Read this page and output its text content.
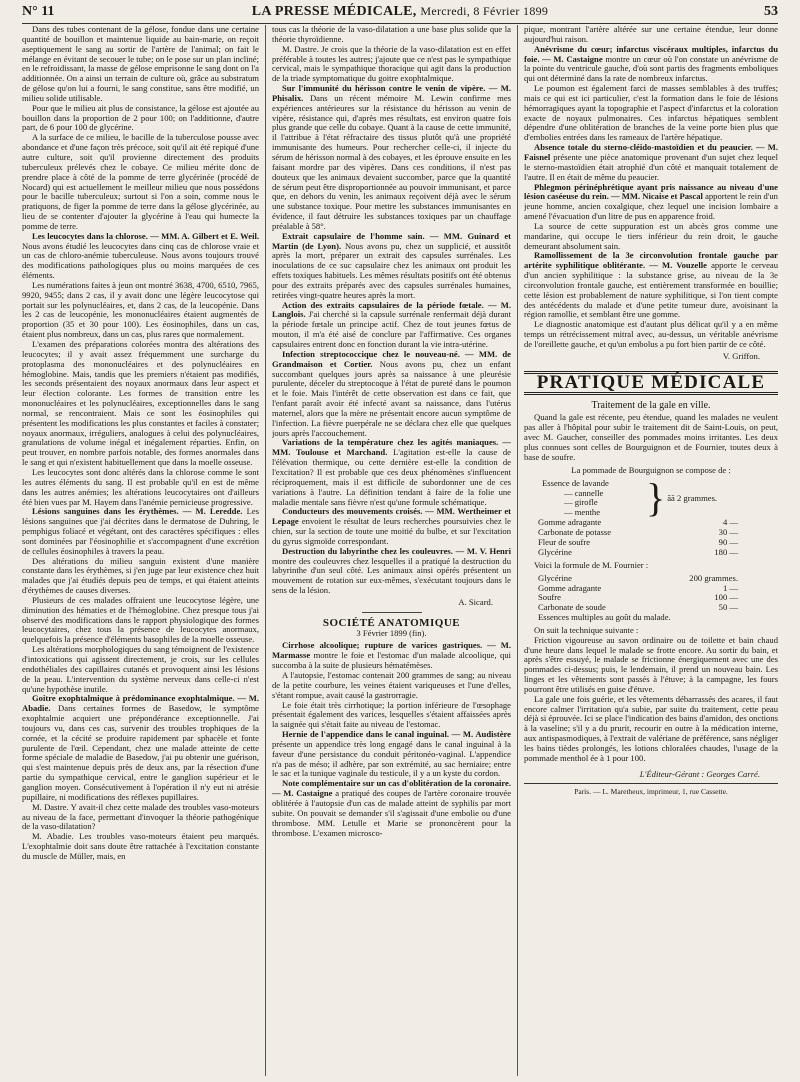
N° 11	LA PRESSE MÉDICALE, Mercredi, 8 Février 1899	53

Dans des tubes contenant de la gélose, fondue dans une certaine quantité de bouillon et maintenue liquide au bain-marie, on reçoit aseptiquement le sang au sortir de l'artère de l'animal; on fait le mélange en évitant de secouer le tube; on le pose sur un plan incliné; en le refroidissant, la masse de gélose emprisonne le sang dont on l'a additionnée. On a ainsi un terrain de culture où, grâce au substratum de gélose qu'on lui a fourni, le sang constitue, sans être modifié, un milieu solide utilisable.

Pour que le milieu ait plus de consistance, la gélose est ajoutée au bouillon dans la proportion de 2 pour 100; on l'additionne, d'autre part, de 6 pour 100 de glycérine.

A la surface de ce milieu, le bacille de la tuberculose pousse avec abondance et d'une façon très précoce, soit qu'il ait été repiqué d'une autre culture, soit qu'il provienne directement des produits tuberculeux prélevés chez le cobaye. Ce milieu mérite donc de prendre place à côté de la pomme de terre glycérinée (procédé de Nocard) qui est actuellement le meilleur milieu que nous possédons pour le bacille tuberculeux; surtout si l'on a soin, comme nous le pratiquons, de figer la pomme de terre dans la gélose glycérinée, au lieu de se contenter d'ajouter la glycérine à l'eau qui humecte la pomme de terre.

Les leucocytes dans la chlorose. — MM. A. Gilbert et E. Weil. Nous avons étudié les leucocytes dans cinq cas de chlorose vraie et un cas de chloro-anémie tuberculeuse. Nous avons toujours trouvé des modifications pathologiques plus ou moins marquées de ces éléments.

Les numérations faites à jeun ont montré 3638, 4700, 6510, 7965, 9920, 9455; dans 2 cas, il y avait donc une légère leucocytose qui portait sur les polynucléaires, et, dans 2 cas, de la leucopénie. Dans les 2 cas de leucopénie, les mononucléaires étaient augmentés de proportion (35 et 30 pour 100). Les éosinophiles, dans un cas, étaient plus nombreux, dans un cas, plus rares que normalement.

L'examen des préparations colorées montra des altérations des leucocytes; il y avait assez fréquemment une surcharge du protoplasma des mononucléaires et des polynucléaires en hémoglobine. Mais, tandis que les premiers n'étaient pas modifiés, les seconds présentaient des noyaux anormaux dans leur aspect et leur élection colorante. Les formes de transition entre les mononucléaires et les polynucléaires, exceptionnelles dans le sang normal, se rencontraient. Mais ce sont les éosinophiles qui présentent les modifications les plus constantes et faciles à constater; noyaux anormaux, irréguliers, analogues à celui des polynucléaires, granulations de volume inégal et inégalement réparties. Enfin, on peut trouver, en nombre parfois notable, des formes anormales dans le sang et qui n'existent habituellement que dans la moelle osseuse.

Les leucocytes sont donc altérés dans la chlorose comme le sont les autres éléments du sang. Il est probable qu'il en est de même dans les autres anémies; les altérations leucocytaires ont d'ailleurs été bien vues par M. Hayem dans l'anémie pernicieuse progressive.

Lésions sanguines dans les érythèmes. — M. Leredde. Les lésions sanguines que j'ai décrites dans le dermatose de Duhring, le pemphigus foliacé et végétant, ont des caractères spécifiques : elles sont dominées par l'éosinophilie et s'accompagnent d'une excrétion de cellules éosinophiles à travers la peau.

Des altérations du milieu sanguin existent d'une manière constante dans les érythèmes, si j'en juge par leur existence chez huit malades que j'ai étudiés depuis peu de temps, et qui étaient atteints d'érythèmes de causes diverses.

Plusieurs de ces malades offraient une leucocytose légère, une diminution des hématies et de l'hémoglobine. Chez presque tous j'ai observé des modifications dans le rapport physiologique des formes leucocytaires, chez tous la présence de leucocytes anormaux, quelquefois la présence d'éléments basophiles de la moelle osseuse.

Les altérations morphologiques du sang témoignent de l'existence d'intoxications qui agissent directement, je crois, sur les cellules endothéliales des capillaires cutanés et provoquent ainsi les lésions de la peau. L'intervention du système nerveux dans celle-ci n'est qu'une hypothèse inutile.

Goitre exophtalmique à prédominance exophtalmique. — M. Abadie. Dans certaines formes de Basedow, le symptôme exophtalmie acquiert une prépondérance exceptionnelle. J'ai toujours vu, dans ces cas, survenir des troubles trophiques de la cornée, et la cécité se produire rapidement par sphacèle et fonte purulente de l'œil. Cependant, chez une malade atteinte de cette forme spéciale de maladie de Basedow, j'ai pu obtenir une guérison, qui s'est maintenue depuis près de deux ans, par la résection d'une partie du sympathique cervical, entre le ganglion supérieur et le ganglion moyen. Consécutivement à l'opération il n'y eut ni atrésie pupillaire, ni modifications des réflexes pupillaires.

M. Dastre. Y avait-il chez cette malade des troubles vaso-moteurs au niveau de la face, permettant d'invoquer la théorie pathogénique de la vaso-dilatation?

M. Abadie. Les troubles vaso-moteurs étaient peu marqués. L'exophtalmie doit sans doute être rattachée à l'excitation constante du muscle de Müller, mais, en

tous cas la théorie de la vaso-dilatation a une base plus solide que la théorie thyroïdienne.

M. Dastre. Je crois que la théorie de la vaso-dilatation est en effet préférable à toutes les autres; j'ajoute que ce n'est pas le sympathique cervical, mais le sympathique thoracique qui agit dans la production de la triade symptomatique du goitre exophtalmique.

Sur l'immunité du hérisson contre le venin de vipère. — M. Phisalix. Dans un récent mémoire M. Lewin confirme mes expériences antérieures sur la résistance du hérisson au venin de vipère, résistance qui, d'après mes résultats, est environ quatre fois plus grande que celle du cobaye. Quant à la cause de cette immunité, il l'attribue à l'état réfractaire des tissus plutôt qu'à une propriété immunisante des humeurs. Pour rechercher celle-ci, il injecte du sérum de hérisson normal à des cobayes, et les éprouve ensuite en les faisant mordre par des vipères. Dans ces conditions, il n'est pas douteux que les animaux devaient succomber, parce que la quantité de sérum peut être disproportionnée au pouvoir immunisant, et parce que, en dehors du venin, les animaux reçoivent déjà avec le sérum une substance toxique. Pour mettre les substances immunisantes en évidence, il faut détruire les substances toxiques par un chauffage préalable à 58°.

Extrait capsulaire de l'homme sain. — MM. Guinard et Martin (de Lyon). Nous avons pu, chez un supplicié, et aussitôt après la mort, préparer un extrait des capsules surrénales. Les inoculations de ce suc capsulaire chez les animaux ont produit les effets toxiques habituels. Les mêmes résultats positifs ont été obtenus pour des extraits préparés avec des capsules surrénales humaines, retirées vingt-quatre heures après la mort.

Action des extraits capsulaires de la période fœtale. — M. Langlois. J'ai cherché si la capsule surrénale renfermait déjà durant la période fœtale un principe actif. Chez de tout jeunes fœtus de mouton, il m'a été aisé de conclure par l'affirmative. Ces organes capsulaires entrent donc en fonction durant la vie intra-utérine.

Infection streptococcique chez le nouveau-né. — MM. de Grandmaison et Cortier. Nous avons pu, chez un enfant succombant quelques jours après sa naissance à une pleurésie purulente, déceler du streptocoque à l'état de pureté dans le poumon et le foie. Mais l'intérêt de cette observation est dans ce fait, que l'enfant paraît avoir été infecté avant sa naissance, dans l'utérus maternel, alors que la mère ne présentait encore aucun symptôme de l'infection. La fièvre puerpérale ne se déclara chez elle que quelques jours après l'accouchement.

Variations de la température chez les agités maniaques. — MM. Toulouse et Marchand. L'agitation est-elle la cause de l'élévation thermique, ou cette dernière est-elle la condition de l'excitation? Il est probable que ces deux phénomènes s'influencent réciproquement, mais il est difficile de subordonner une de ces variations à l'autre. La définition tendant à faire de la folie une maladie mentale sans fièvre n'est qu'une formule schématique.

Conducteurs des mouvements croisés. — MM. Wertheimer et Lepage envoient le résultat de leurs recherches poursuivies chez le chien, sur la section de toute une moitié du bulbe, et sur l'excitation du gyrus sigmoïde correspondant.

Destruction du labyrinthe chez les couleuvres. — M. V. Henri montre des couleuvres chez lesquelles il a pratiqué la destruction du labyrinthe d'un seul côté. Les animaux ainsi opérés présentent un mouvement de rotation sur eux-mêmes, s'exécutant toujours dans le sens de la lésion.

A. Sicard.
SOCIÉTÉ ANATOMIQUE
3 Février 1899 (fin).

Cirrhose alcoolique; rupture de varices gastriques. — M. Marmasse montre le foie et l'estomac d'un malade alcoolique, qui succomba à la suite de plusieurs hématémèses.

A l'autopsie, l'estomac contenait 200 grammes de sang; au niveau de la petite courbure, les veines étaient variqueuses et l'une d'elles, s'étant rompue, avait causé la gastrorragie.

Le foie était très cirrhotique; la portion inférieure de l'œsophage présentait également des varices, lesquelles s'étaient affaissées après la saignée qui s'était faite au niveau de l'estomac.

Hernie de l'appendice dans le canal inguinal. — M. Audistère présente un appendice très long engagé dans le canal inguinal à la faveur d'une persistance du conduit péritonéo-vaginal. L'appendice n'a pas de méso; il adhère, par son extrémité, au sac herniaire; entre le sac et la tunique vaginale du testicule, il y a un kyste du cordon.

Note complémentaire sur un cas d'oblitération de la coronaire. — M. Castaigne a pratiqué des coupes de l'artère coronaire trouvée oblitérée à l'autopsie d'un cas de malade atteint de syphilis par mort subite. On pouvait se demander s'il s'agissait d'une embolie ou d'une thrombose. MM. Letulle et Marie se prononcèrent pour la thrombose. L'examen microsco-

pique, montrant l'artère altérée sur une certaine étendue, leur donne aujourd'hui raison.

Anévrisme du cœur; infarctus viscéraux multiples, infarctus du foie. — M. Castaigne montre un cœur où l'on constate un anévrisme de la pointe du ventricule gauche, d'où sont partis des fragments emboliques qui ont déterminé dans la rate de nombreux infarctus.

Le poumon est également farci de masses semblables à des truffes; mais ce qui est ici particulier, c'est la formation dans le foie de lésions hémorragiques ayant la topographie et l'aspect d'infarctus et la coloration exacte de noyaux pulmonaires. Ces infarctus hépatiques semblent dépendre d'une oblitération de branches de la veine porte bien plus que d'embolies entrées dans les rameaux de l'artère hépatique.

Absence totale du sterno-cléido-mastoïdien et du peaucier. — M. Faisnel présente une pièce anatomique provenant d'un sujet chez lequel le sterno-mastoïdien était atrophié d'un côté et manquait totalement de l'autre. Il en était de même du peaucier.

Phlegmon périnéphrétique ayant pris naissance au niveau d'une lésion caséeuse du rein. — MM. Nicaise et Pascal apportent le rein d'un jeune homme, ancien coxalgique, chez lequel une incision lombaire a amené l'évacuation d'un litre de pus en apparence froid.

La source de cette suppuration est un abcès gros comme une mandarine, qui occupe le tiers inférieur du rein droit, le gauche demeurant absolument sain.

Ramollissement de la 3e circonvolution frontale gauche par artérite syphilitique oblitérante. — M. Vouzelle apporte le cerveau d'un ancien syphilitique : la substance grise, au niveau de la 3e circonvolution frontale gauche, est entièrement transformée en bouillie; cette lésion est probablement de nature syphilitique, si l'on tient compte des antécédents du malade et d'une petite tumeur dure, avoisinant la région ramollie, et semblant être une gomme.

Le diagnostic anatomique est d'autant plus délicat qu'il y a en même temps un rétrécissement mitral avec, au-dessus, un véritable anévrisme de l'oreillette gauche, et qu'un embolus a pu fort bien partir de ce côté.

V. Griffon.
PRATIQUE MÉDICALE
Traitement de la gale en ville.

Quand la gale est récente, peu étendue, quand les malades ne veulent pas aller à l'hôpital pour subir le traitement dit de Saint-Louis, on peut, avec M. Gaucher, conseiller des pommades moins irritantes. Les deux plus connues sont celles de Bourguignon et de Fournier, toutes deux à base de soufre.

La pommade de Bourguignon se compose de :
Essence de lavande
— cannelle
— girofle
— menthe	} ãã 2 grammes.
Gomme adragante	4 —
Carbonate de potasse	30 —
Fleur de soufre	90 —
Glycérine	180 —

Voici la formule de M. Fournier :

Glycérine	200 grammes.
Gomme adragante	1 —
Soufre	100 —
Carbonate de soude	50 —
Essences multiples au goût du malade.

On suit la technique suivante :

Friction vigoureuse au savon ordinaire ou de toilette et bain chaud d'une heure dans lequel le malade se frotte encore. Au sortir du bain, et après s'être essuyé, le malade se frictionne énergiquement avec une des pommades ci-dessus; puis, le lendemain, il prend un nouveau bain. Les linges et les vêtements sont passés à l'étuve; à la campagne, les fours pourront être utilisés en guise d'étuve.

La gale une fois guérie, et les vêtements débarrassés des acares, il faut encore calmer l'irritation qu'a subie, par suite du traitement, cette peau déjà si éprouvée. Ici se place l'indication des bains d'amidon, des onctions à la vaseline; s'il y a du prurit, recourir en outre à la médication interne, aux antispasmodiques, à l'extrait de valériane de préférence, sans négliger les bains tièdes prolongés, les lotions chloralées chaudes, l'usage de la pommade menthol ée à 1 pour 100.

L'Éditeur-Gérant : Georges Carré.
Paris. — L. Maretheux, imprimeur, 1, rue Cassette.
